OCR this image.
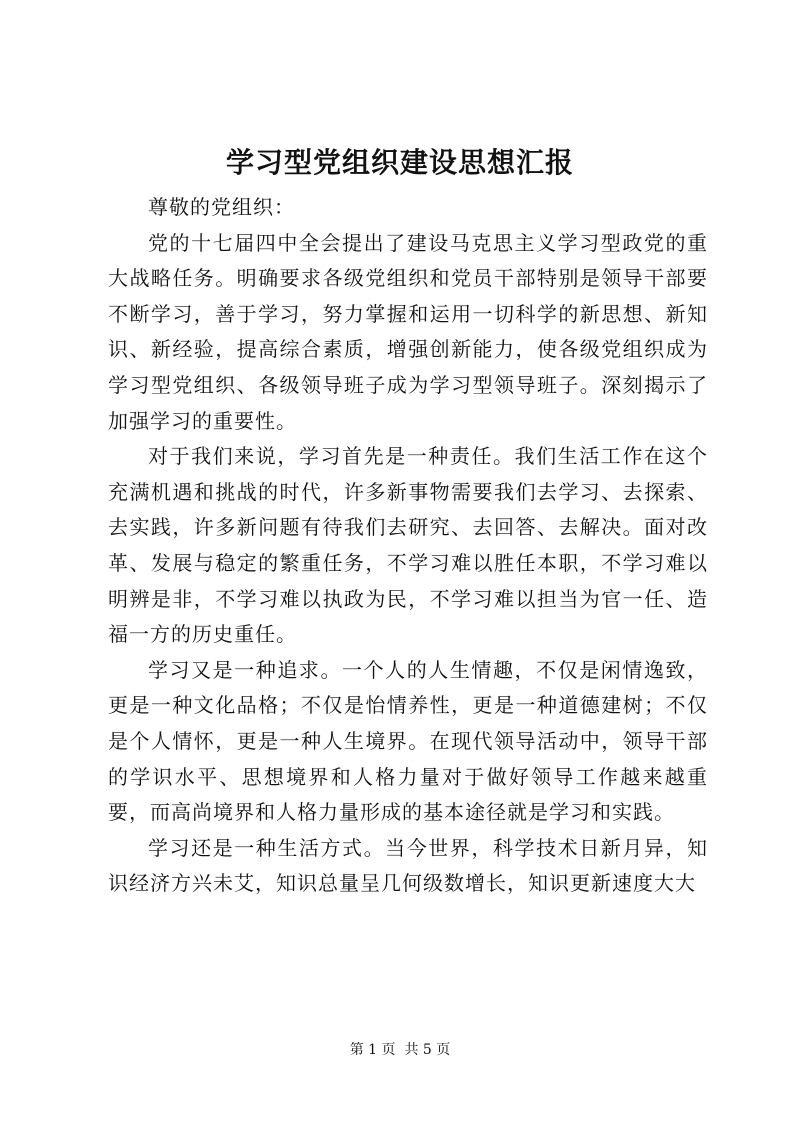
学习型党组织建设思想汇报

尊敬的党组织：

党的十七届四中全会提出了建设马克思主义学习型政党的重大战略任务。明确要求各级党组织和党员干部特别是领导干部要不断学习，善于学习，努力掌握和运用一切科学的新思想、新知识、新经验，提高综合素质，增强创新能力，使各级党组织成为学习型党组织、各级领导班子成为学习型领导班子。深刻揭示了加强学习的重要性。

对于我们来说，学习首先是一种责任。我们生活工作在这个充满机遇和挑战的时代，许多新事物需要我们去学习、去探索、去实践，许多新问题有待我们去研究、去回答、去解决。面对改革、发展与稳定的繁重任务，不学习难以胜任本职，不学习难以明辨是非，不学习难以执政为民，不学习难以担当为官一任、造福一方的历史重任。

学习又是一种追求。一个人的人生情趣，不仅是闲情逸致，更是一种文化品格；不仅是怡情养性，更是一种道德建树；不仅是个人情怀，更是一种人生境界。在现代领导活动中，领导干部的学识水平、思想境界和人格力量对于做好领导工作越来越重要，而高尚境界和人格力量形成的基本途径就是学习和实践。

学习还是一种生活方式。当今世界，科学技术日新月异，知识经济方兴未艾，知识总量呈几何级数增长，知识更新速度大大

第 1 页  共 5 页
